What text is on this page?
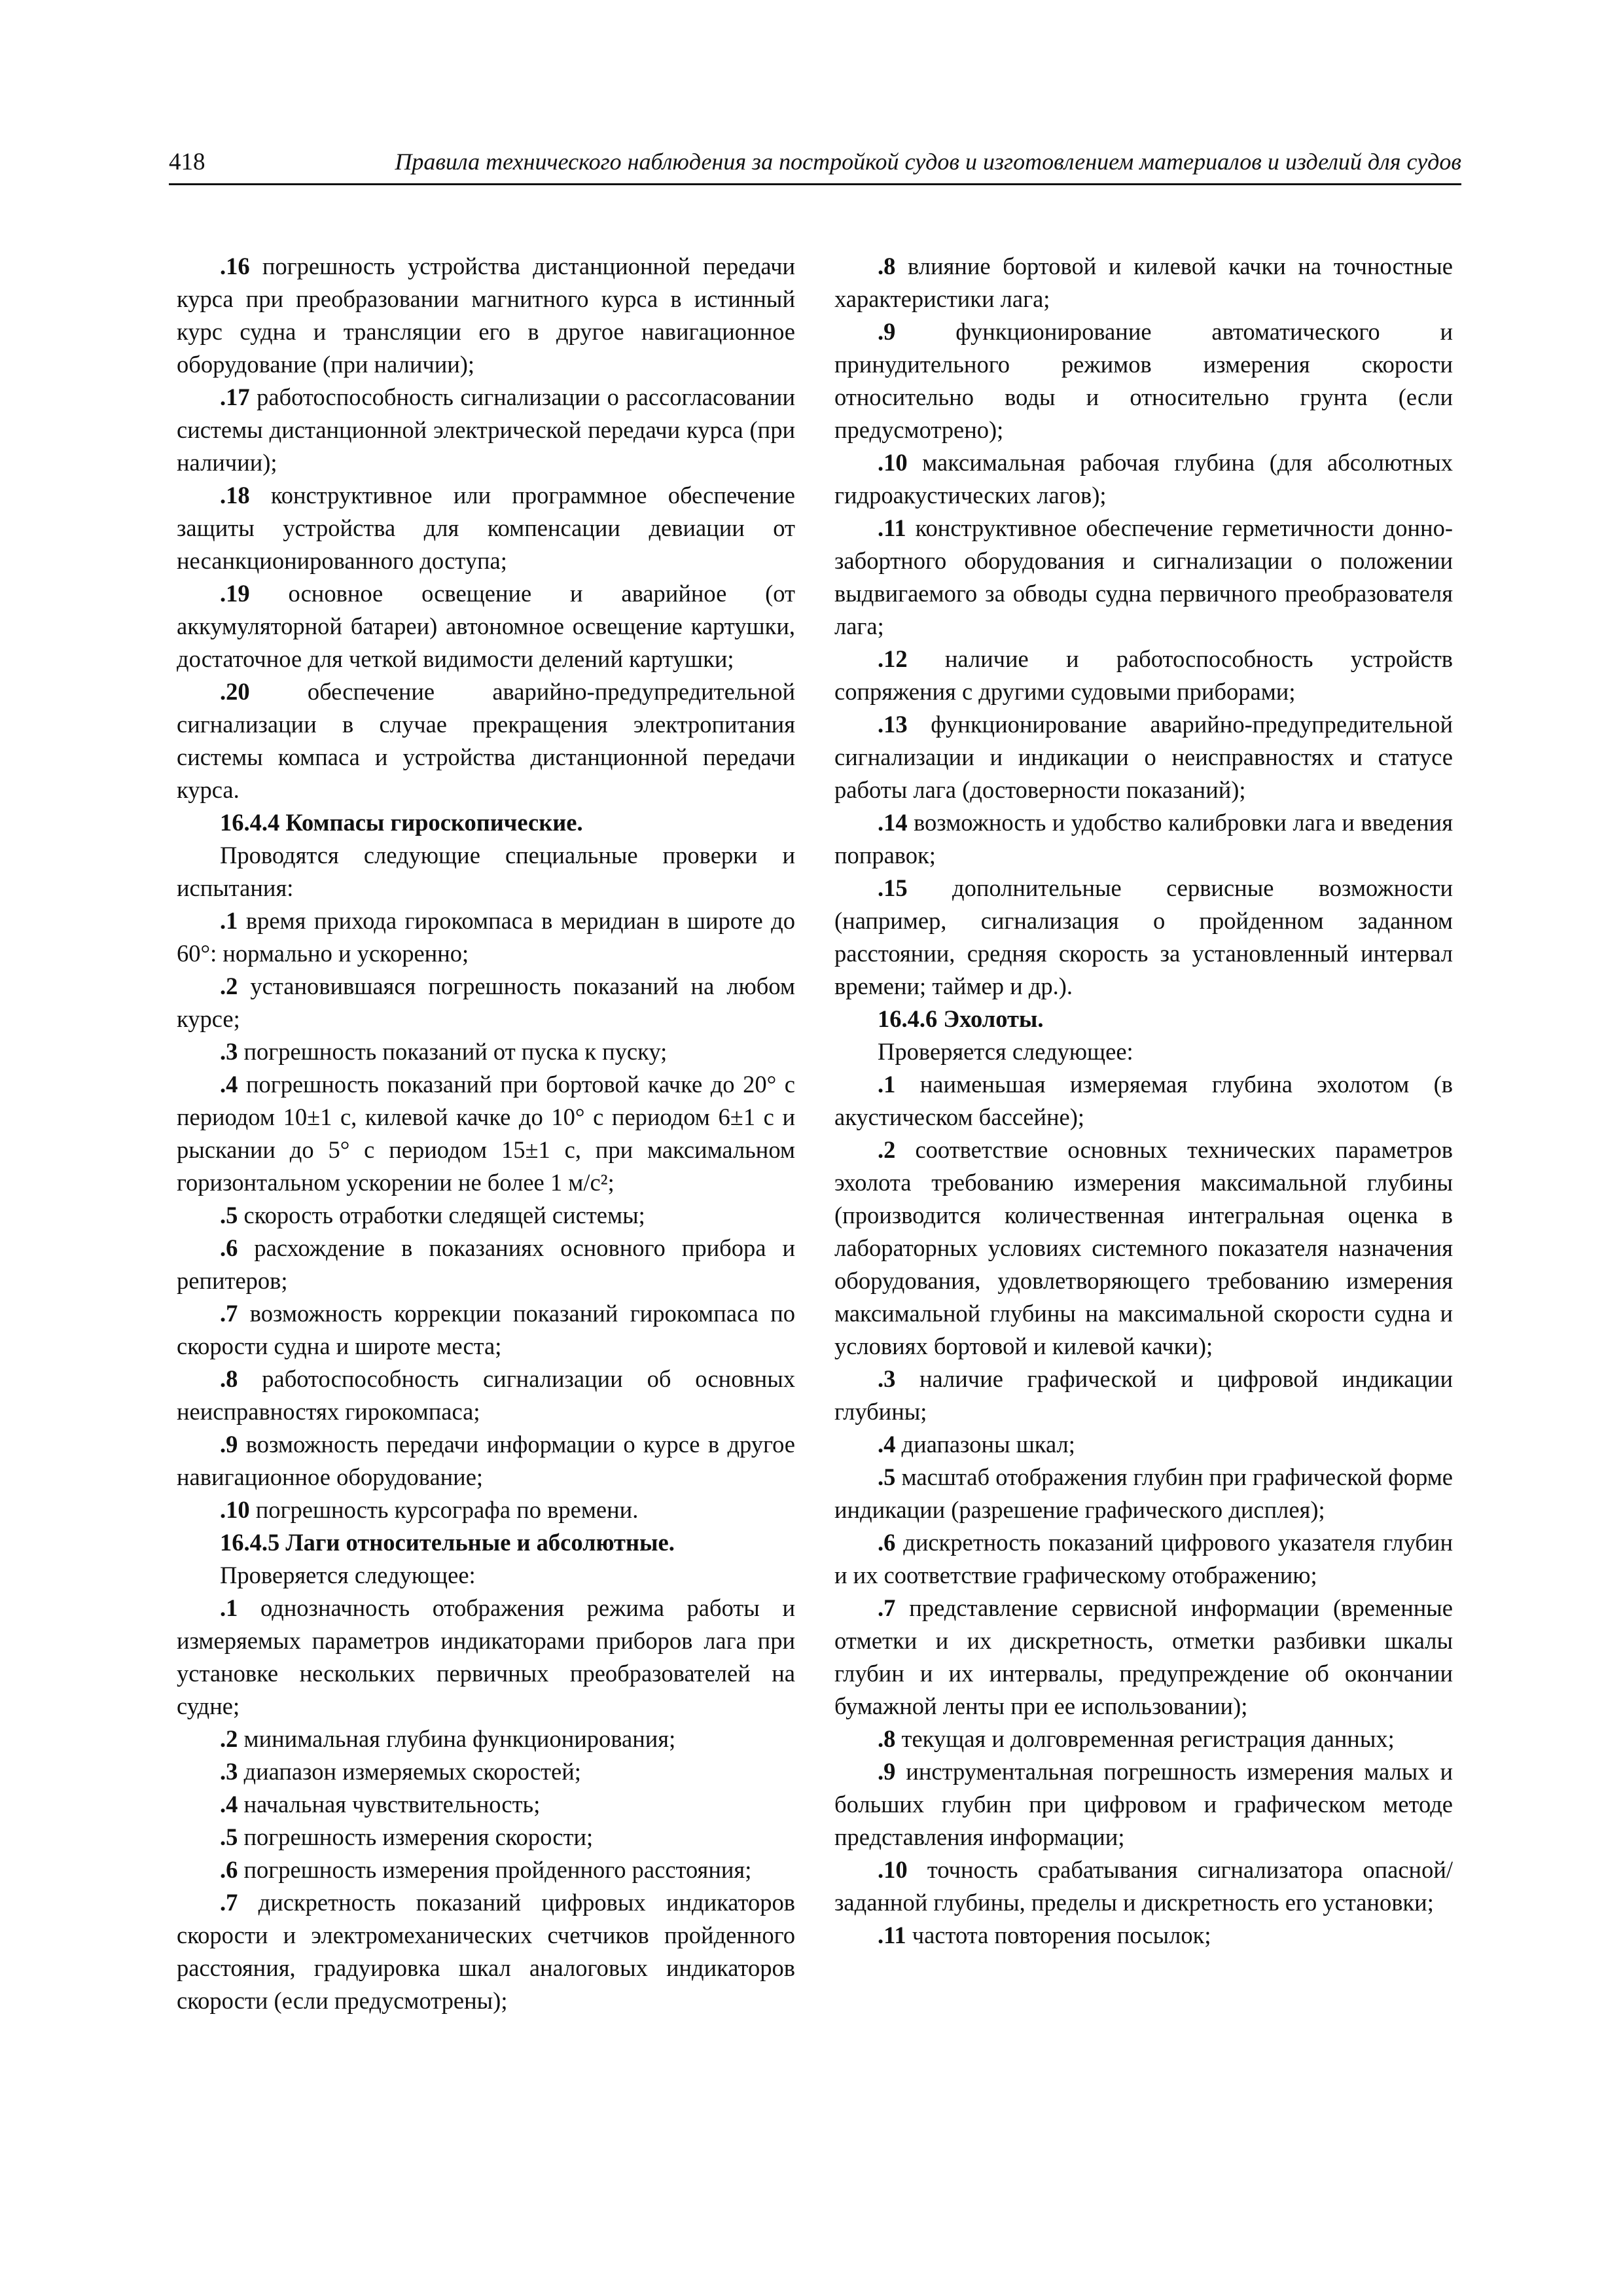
418	Правила технического наблюдения за постройкой судов и изготовлением материалов и изделий для судов

.16 погрешность устройства дистанционной передачи курса при преобразовании магнитного курса в истинный курс судна и трансляции его в другое навигационное оборудование (при наличии);

.17 работоспособность сигнализации о рассогласовании системы дистанционной электрической передачи курса (при наличии);

.18 конструктивное или программное обеспечение защиты устройства для компенсации девиации от несанкционированного доступа;

.19 основное освещение и аварийное (от аккумуляторной батареи) автономное освещение картушки, достаточное для четкой видимости делений картушки;

.20 обеспечение аварийно-предупредительной сигнализации в случае прекращения электропитания системы компаса и устройства дистанционной передачи курса.

16.4.4 Компасы гироскопические.

Проводятся следующие специальные проверки и испытания:

.1 время прихода гирокомпаса в меридиан в широте до 60°: нормально и ускоренно;

.2 установившаяся погрешность показаний на любом курсе;

.3 погрешность показаний от пуска к пуску;

.4 погрешность показаний при бортовой качке до 20° с периодом 10±1 с, килевой качке до 10° с периодом 6±1 с и рыскании до 5° с периодом 15±1 с, при максимальном горизонтальном ускорении не более 1 м/с²;

.5 скорость отработки следящей системы;

.6 расхождение в показаниях основного прибора и репитеров;

.7 возможность коррекции показаний гирокомпаса по скорости судна и широте места;

.8 работоспособность сигнализации об основных неисправностях гирокомпаса;

.9 возможность передачи информации о курсе в другое навигационное оборудование;

.10 погрешность курсографа по времени.

16.4.5 Лаги относительные и абсолютные.

Проверяется следующее:

.1 однозначность отображения режима работы и измеряемых параметров индикаторами приборов лага при установке нескольких первичных преобразователей на судне;

.2 минимальная глубина функционирования;

.3 диапазон измеряемых скоростей;

.4 начальная чувствительность;

.5 погрешность измерения скорости;

.6 погрешность измерения пройденного расстояния;

.7 дискретность показаний цифровых индикаторов скорости и электромеханических счетчиков пройденного расстояния, градуировка шкал аналоговых индикаторов скорости (если предусмотрены);

.8 влияние бортовой и килевой качки на точностные характеристики лага;

.9 функционирование автоматического и принудительного режимов измерения скорости относительно воды и относительно грунта (если предусмотрено);

.10 максимальная рабочая глубина (для абсолютных гидроакустических лагов);

.11 конструктивное обеспечение герметичности донно-забортного оборудования и сигнализации о положении выдвигаемого за обводы судна первичного преобразователя лага;

.12 наличие и работоспособность устройств сопряжения с другими судовыми приборами;

.13 функционирование аварийно-предупредительной сигнализации и индикации о неисправностях и статусе работы лага (достоверности показаний);

.14 возможность и удобство калибровки лага и введения поправок;

.15 дополнительные сервисные возможности (например, сигнализация о пройденном заданном расстоянии, средняя скорость за установленный интервал времени; таймер и др.).

16.4.6 Эхолоты.

Проверяется следующее:

.1 наименьшая измеряемая глубина эхолотом (в акустическом бассейне);

.2 соответствие основных технических параметров эхолота требованию измерения максимальной глубины (производится количественная интегральная оценка в лабораторных условиях системного показателя назначения оборудования, удовлетворяющего требованию измерения максимальной глубины на максимальной скорости судна и условиях бортовой и килевой качки);

.3 наличие графической и цифровой индикации глубины;

.4 диапазоны шкал;

.5 масштаб отображения глубин при графической форме индикации (разрешение графического дисплея);

.6 дискретность показаний цифрового указателя глубин и их соответствие графическому отображению;

.7 представление сервисной информации (временные отметки и их дискретность, отметки разбивки шкалы глубин и их интервалы, предупреждение об окончании бумажной ленты при ее использовании);

.8 текущая и долговременная регистрация данных;

.9 инструментальная погрешность измерения малых и больших глубин при цифровом и графическом методе представления информации;

.10 точность срабатывания сигнализатора опасной/заданной глубины, пределы и дискретность его установки;

.11 частота повторения посылок;
